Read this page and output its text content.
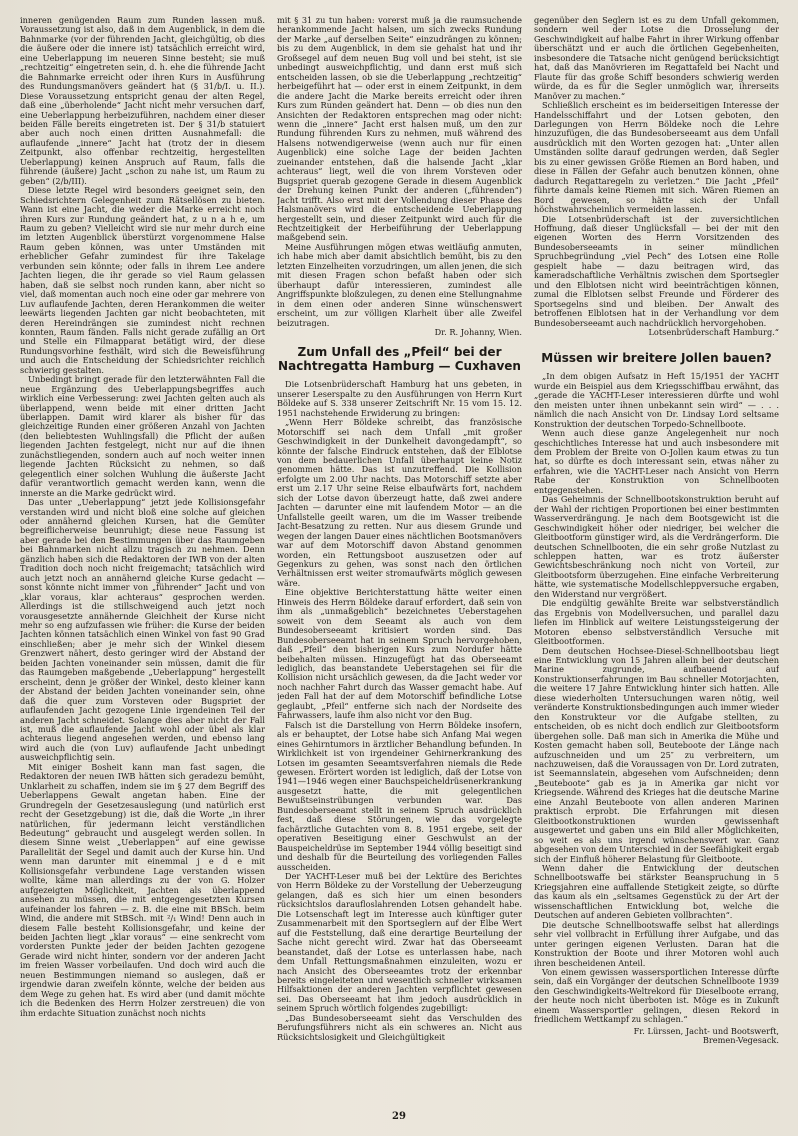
inneren genügenden Raum zum Runden lassen muß. Voraussetzung ist also, daß in dem Augenblick, in dem die Bahnmarke (vor der führenden Jacht, gleichgültig, ob dies die äußere oder die innere ist) tatsächlich erreicht wird, eine Ueberlappung im neueren Sinne besteht; sie muß „rechtzeitig“ eingetreten sein, d. h. ehe die führende Jacht die Bahnmarke erreicht oder ihren Kurs in Ausführung des Rundungsmanövers geändert hat (§ 31/b/I. u. II.). Diese Voraussetzung entspricht genau der alten Regel, daß eine „überholende“ Jacht nicht mehr versuchen darf, eine Ueberlappung herbeizuführen, nachdem einer dieser beiden Fälle bereits eingetreten ist. Der § 31/b statuiert aber auch noch einen dritten Ausnahmefall: die auflaufende „innere“ Jacht hat (trotz der in diesem Zeitpunkt, also offenbar rechtzeitig, hergestellten Ueberlappung) keinen Anspruch auf Raum, falls die führende (äußere) Jacht „schon zu nahe ist, um Raum zu geben“ (2/b/III).

Diese letzte Regel wird besonders geeignet sein, den Schiedsrichtern Gelegenheit zum Rätsellösen zu bieten. Wann ist eine Jacht, die weder die Marke erreicht noch ihren Kurs zur Rundung geändert hat, z u n a h e, um Raum zu geben? Vielleicht wird sie nur mehr durch eine im letzten Augenblick überstürzt vorgenommene Halse Raum geben können, was unter Umständen mit erheblicher Gefahr zumindest für ihre Takelage verbunden sein könnte; oder falls in ihrem Lee andere Jachten liegen, die ihr gerade so viel Raum gelassen haben, daß sie selbst noch runden kann, aber nicht so viel, daß momentan auch noch eine oder gar mehrere von Luv auflaufende Jachten, deren Herankommen die weiter leewärts liegenden Jachten gar nicht beobachteten, mit deren Hereindrängen sie zumindest nicht rechnen konnten, Raum fänden. Falls nicht gerade zufällig an Ort und Stelle ein Filmapparat betätigt wird, der diese Rundungsvorhine festhält, wird sich die Beweisführung und auch die Entscheidung der Schiedsrichter reichlich schwierig gestalten.

Unbedingt bringt gerade für den letzterwähnten Fall die neue Ergänzung des Ueberlappungsbegriffes auch wirklich eine Verbesserung: zwei Jachten gelten auch als überlappend, wenn beide mit einer dritten Jacht überlappen. Damit wird klarer als bisher für das gleichzeitige Runden einer größeren Anzahl von Jachten (den beliebtesten Wuhlingsfall) die Pflicht der außen liegenden Jachten festgelegt, nicht nur auf die ihnen zunächstliegenden, sondern auch auf noch weiter innen liegende Jachten Rücksicht zu nehmen, so daß gelegentlich einer solchen Wuhlung die äußerste Jacht dafür verantwortlich gemacht werden kann, wenn die innerste an die Marke gedrückt wird.

Das unter „Ueberlappung“ jetzt jede Kollisionsgefahr verstanden wird und nicht bloß eine solche auf gleichen oder annähernd gleichen Kursen, hat die Gemüter begreiflicherweise beunruhigt; diese neue Fassung ist aber gerade bei den Bestimmungen über das Raumgeben bei Bahnmarken nicht allzu tragisch zu nehmen. Denn gänzlich haben sich die Redaktoren der IWB von der alten Tradition doch noch nicht freigemacht; tatsächlich wird auch jetzt noch an annähernd gleiche Kurse gedacht — sonst könnte nicht immer von „führender“ Jacht und von „klar voraus, klar achteraus“ gesprochen werden. Allerdings ist die stillschweigend auch jetzt noch vorausgesetzte annähernde Gleichheit der Kurse nicht mehr so eng aufzufassen wie früher: die Kurse der beiden Jachten können tatsächlich einen Winkel von fast 90 Grad einschließen; aber je mehr sich der Winkel diesem Grenzwert nähert, desto geringer wird der Abstand der beiden Jachten voneinander sein müssen, damit die für das Raumgeben maßgebende „Ueberlappung“ hergestellt erscheint, denn je größer der Winkel, desto kleiner kann der Abstand der beiden Jachten voneinander sein, ohne daß die quer zum Vorsteven oder Bugspriet der auflaufenden Jacht gezogene Linie irgendeinen Teil der anderen Jacht schneidet. Solange dies aber nicht der Fall ist, muß die auflaufende Jacht wohl oder übel als klar achteraus liegend angesehen werden, und ebenso lang wird auch die (von Luv) auflaufende Jacht unbedingt ausweichpflichtig sein.

Mit einiger Bosheit kann man fast sagen, die Redaktoren der neuen IWB hätten sich geradezu bemüht, Unklarheit zu schaffen, indem sie im § 27 dem Begriff des Ueberlappens Gewalt angetan haben. Eine der Grundregeln der Gesetzesauslegung (und natürlich erst recht der Gesetzgebung) ist die, daß die Worte „in ihrer natürlichen, für jedermann leicht verständlichen Bedeutung“ gebraucht und ausgelegt werden sollen. In diesem Sinne weist „Ueberlappen“ auf eine gewisse Parallelität der Segel und damit auch der Kurse hin. Und wenn man darunter mit einemmal j e d e mit Kollisionsgefahr verbundene Lage verstanden wissen wollte, käme man allerdings zu der von G. Holzer aufgezeigten Möglichkeit, Jachten als überlappend ansehen zu müssen, die mit entgegengesetzten Kursen aufeinander los fahren — z. B. die eine mit BBSch. beim Wind, die andere mit StBSch. mit ²/₁ Wind! Denn auch in diesem Falle besteht Kollisionsgefahr, und keine der beiden Jachten liegt „klar voraus“ — eine senkrecht vom vordersten Punkte jeder der beiden Jachten gezogene Gerade wird nicht hinter, sondern vor der anderen Jacht im freien Wasser vorbeilaufen. Und doch wird auch die neuen Bestimmungen niemand so auslegen, daß er irgendwie daran zweifeln könnte, welche der beiden aus dem Wege zu gehen hat. Es wird aber (und damit möchte ich die Bedenken des Herrn Holzer zerstreuen) die von ihm erdachte Situation zunächst noch nichts

mit § 31 zu tun haben: vorerst muß ja die raumsuchende herankommende Jacht halsen, um sich zwecks Rundung der Marke „auf derselben Seite“ einzudrängen zu können; bis zu dem Augenblick, in dem sie gehalst hat und ihr Großsegel auf dem neuen Bug voll und bei steht, ist sie unbedingt ausweichpflichtig, und dann erst muß sich entscheiden lassen, ob sie die Ueberlappung „rechtzeitig“ herbeigeführt hat — oder erst in einem Zeitpunkt, in dem die andere Jacht die Marke bereits erreicht oder ihren Kurs zum Runden geändert hat. Denn — ob dies nun den Ansichten der Redaktoren entsprechen mag oder nicht: wenn die „innere“ Jacht erst halsen muß, um den zur Rundung führenden Kurs zu nehmen, muß während des Halsens notwendigerweise (wenn auch nur für einen Augenblick) eine solche Lage der beiden Jachten zueinander entstehen, daß die halsende Jacht „klar achteraus“ liegt, weil die von ihrem Vorsteven oder Bugspriet querab gezogene Gerade in diesem Augenblick der Drehung keinen Punkt der anderen („führenden“) Jacht trifft. Also erst mit der Vollendung dieser Phase des Halsmanövers wird die entscheidende Ueberlappung hergestellt sein, und dieser Zeitpunkt wird auch für die Rechtzeitigkeit der Herbeiführung der Ueberlappung maßgebend sein.

Meine Ausführungen mögen etwas weitläufig anmuten, ich habe mich aber damit absichtlich bemüht, bis zu den letzten Einzelheiten vorzudringen, um allen jenen, die sich mit diesen Fragen schon befaßt haben oder sich überhaupt dafür interessieren, zumindest alle Angriffspunkte bloßzulegen, zu denen eine Stellungnahme in dem einen oder anderen Sinne wünschenswert erscheint, um zur völligen Klarheit über alle Zweifel beizutragen.

Dr. R. Johanny, Wien.

Zum Unfall des „Pfeil“ bei der Nachtregatta Hamburg — Cuxhaven

Die Lotsenbrüderschaft Hamburg hat uns gebeten, in unserer Leserspalte zu den Ausführungen von Herrn Kurt Böldeke auf S. 338 unserer Zeitschrift Nr. 15 vom 15. 12. 1951 nachstehende Erwiderung zu bringen:

„Wenn Herr Böldeke schreibt, das französische Motorschiff sei nach dem Unfall „mit großer Geschwindigkeit in der Dunkelheit davongedampft“, so könnte der falsche Eindruck entstehen, daß der Elblotse von dem bedauerlichen Unfall überhaupt keine Notiz genommen hätte. Das ist unzutreffend. Die Kollision erfolgte um 2.00 Uhr nachts. Das Motorschiff setzte aber erst um 2.17 Uhr seine Reise elbaufwärts fort, nachdem sich der Lotse davon überzeugt hatte, daß zwei andere Jachten — darunter eine mit laufendem Motor — an die Unfallstelle geeilt waren, um die im Wasser treibende Jacht-Besatzung zu retten. Nur aus diesem Grunde und wegen der langen Dauer eines nächtlichen Bootsmanövers war auf dem Motorschiff davon Abstand genommen worden, ein Rettungsboot auszusetzen oder auf Gegenkurs zu gehen, was sonst nach den örtlichen Verhältnissen erst weiter stromaufwärts möglich gewesen wäre.

Eine objektive Berichterstattung hätte weiter einen Hinweis des Herrn Böldeke darauf erfordert, daß sein von ihm als „unmaßgeblich“ bezeichnetes Ueberstagehen soweit von dem Seeamt als auch von dem Bundesoberseeamt kritisiert worden sind. Das Bundesoberseeamt hat in seinem Spruch hervorgehoben, daß „Pfeil“ den bisherigen Kurs zum Nordufer hätte beibehalten müssen. Hinzugefügt hat das Oberseeamt lediglich, das beanstandete Ueberstagehen sei für die Kollision nicht ursächlich gewesen, da die Jacht weder vor noch nachher Fahrt durch das Wasser gemacht habe. Auf jeden Fall hat der auf dem Motorschiff befindliche Lotse geglaubt, „Pfeil“ entferne sich nach der Nordseite des Fahrwassers, laufe ihm also nicht vor den Bug.

Falsch ist die Darstellung von Herrn Böldeke insofern, als er behauptet, der Lotse habe sich Anfang Mai wegen eines Gehirntumors in ärztlicher Behandlung befunden. In Wirklichkeit ist von irgendeiner Gehirnerkrankung des Lotsen im gesamten Seeamtsverfahren niemals die Rede gewesen. Erörtert worden ist lediglich, daß der Lotse von 1941—1946 wegen einer Bauchspeicheldrüsenerkrankung ausgesetzt hatte, die mit gelegentlichen Bewußtseinstrübungen verbunden war. Das Bundesoberseeamt stellt in seinem Spruch ausdrücklich fest, daß diese Störungen, wie das vorgelegte fachärztliche Gutachten vom 8. 8. 1951 ergebe, seit der operativen Beseitigung einer Geschwulst an der Bauspeicheldrüse im September 1944 völlig beseitigt sind und deshalb für die Beurteilung des vorliegenden Falles ausscheiden.

Der YACHT-Leser muß bei der Lektüre des Berichtes von Herrn Böldeke zu der Vorstellung der Ueberzeugung gelangen, daß es sich hier um einen besonders rücksichtslos daraufloslahrenden Lotsen gehandelt habe. Die Lotsenschaft legt im Interesse auch künftiger guter Zusammenarbeit mit den Sportseglern auf der Elbe Wert auf die Feststellung, daß eine derartige Beurteilung der Sache nicht gerecht wird. Zwar hat das Oberseeamt beanstandet, daß der Lotse es unterlassen habe, nach dem Unfall Rettungsmaßnahmen einzuleiten, wozu er nach Ansicht des Oberseeamtes trotz der erkennbar bereits eingeleiteten und wesentlich schneller wirksamen Hilfsaktionen der anderen Jachten verpflichtet gewesen sei. Das Oberseeamt hat ihm jedoch ausdrücklich in seinem Spruch wörtlich folgendes zugebilligt:

„Das Bundesoberseeamt sieht das Verschulden des Berufungsführers nicht als ein schweres an. Nicht aus Rücksichtslosigkeit und Gleichgültigkeit

gegenüber den Seglern ist es zu dem Unfall gekommen, sondern weil der Lotse die Drosselung der Geschwindigkeit auf halbe Fahrt in ihrer Wirkung offenbar überschätzt und er auch die örtlichen Gegebenheiten, insbesondere die Tatsache nicht genügend berücksichtigt hat, daß das Manövrieren im Regattafeld bei Nacht und Flaute für das große Schiff besonders schwierig werden würde, da es für die Segler unmöglich war, ihrerseits Manöver zu machen.“

Schließlich erscheint es im beiderseitigen Interesse der Handelsschiffahrt und der Lotsen geboten, den Darlegungen von Herrn Böldeke noch die Lehre hinzuzufügen, die das Bundesoberseeamt aus dem Unfall ausdrücklich mit den Worten gezogen hat: „Unter allen Umständen sollte darauf gedrungen werden, daß Segler bis zu einer gewissen Größe Riemen an Bord haben, und diese in Fällen der Gefahr auch benutzen können, ohne dadurch Regattaregeln zu verletzen.“ Die Jacht „Pfeil“ führte damals keine Riemen mit sich. Wären Riemen an Bord gewesen, so hätte sich der Unfall höchstwahrscheinlich vermeiden lassen.

Die Lotsenbrüderschaft ist der zuversichtlichen Hoffnung, daß dieser Unglücksfall — bei der mit den eigenen Worten des Herrn Vorsitzenden des Bundesoberseeamts in seiner mündlichen Spruchbegründung „viel Pech“ des Lotsen eine Rolle gespielt habe — dazu beitragen wird, das kameradschaftliche Verhältnis zwischen dem Sportsegler und den Elblotsen nicht wird beeinträchtigen können, zumal die Elblotsen selbst Freunde und Förderer des Sportsegelns sind und bleiben. Der Anwalt des betroffenen Elblotsen hat in der Verhandlung vor dem Bundesoberseeamt auch nachdrücklich hervorgehoben.

Lotsenbrüderschaft Hamburg.“

Müssen wir breitere Jollen bauen?

„In dem obigen Aufsatz in Heft 15/1951 der YACHT wurde ein Beispiel aus dem Kriegsschiffbau erwähnt, das „gerade die YACHT-Leser interessieren dürfte und wohl den meisten unter ihnen unbekannt sein wird“ — . . . nämlich die nach Ansicht von Dr. Lindsay Lord seltsame Konstruktion der deutschen Torpedo-Schnellboote.

Wenn auch diese ganze Angelegenheit nur noch geschichtliches Interesse hat und auch insbesondere mit dem Problem der Breite von O-Jollen kaum etwas zu tun hat, so dürfte es doch interessant sein, etwas näher zu erfahren, wie die YACHT-Leser nach Ansicht von Herrn Rabe der Konstruktion von Schnellbooten entgegenstehen.

Das Geheimnis der Schnellbootskonstruktion beruht auf der Wahl der richtigen Proportionen bei einer bestimmten Wasserverdrängung. Je nach dem Bootsgewicht ist die Geschwindigkeit höher oder niedriger, bei welcher die Gleitbootform günstiger wird, als die Verdrängerform. Die deutschen Schnellbooten, die ein sehr große Nutzlast zu schleppen hatten, war es trotz äußerster Gewichtsbeschränkung noch nicht von Vorteil, zur Gleitbootsform überzugehen. Eine einfache Verbreiterung hätte, wie systematische Modellschleppversuche ergaben, den Widerstand nur vergrößert.

Die endgültig gewählte Breite war selbstverständlich das Ergebnis von Modellversuchen, und parallel dazu liefen im Hinblick auf weitere Leistungssteigerung der Motoren ebenso selbstverständlich Versuche mit Gleitbootformen.

Dem deutschen Hochsee-Diesel-Schnellbootsbau liegt eine Entwicklung von 15 Jahren allein bei der deutschen Marine zugrunde, aufbauend auf Konstruktionserfahrungen im Bau schneller Motorjachten, die weitere 17 Jahre Entwicklung hinter sich hatten. Alle diese wiederholten Untersuchungen waren nötig, weil veränderte Konstruktionsbedingungen auch immer wieder den Konstrukteur vor die Aufgabe stellten, zu entscheiden, ob es nicht doch endlich zur Gleitbootsform übergehen solle. Daß man sich in Amerika die Mühe und Kosten gemacht haben soll, Beuteboote der Länge nach aufzuschneiden und um 25″ zu verbreitern, um nachzuweisen, daß die Voraussagen von Dr. Lord zutraten, ist Seemannslatein, abgesehen vom Aufschneiden; denn „Beuteboote“ gab es ja in Amerika gar nicht vor Kriegsende. Während des Krieges hat die deutsche Marine eine Anzahl Beuteboote von allen anderen Marinen praktisch erprobt. Die Erfahrungen mit diesen Gleitbootkonstruktionen wurden gewissenhaft ausgewertet und gaben uns ein Bild aller Möglichkeiten, so weit es als uns irgend wünschenswert war. Ganz abgesehen von dem Unterschied in der Seefähigkeit ergab sich der Einfluß höherer Belastung für Gleitboote.

Wenn daher die Entwicklung der deutschen Schnellbootswaffe bei stärkster Beanspruchung in 5 Kriegsjahren eine auffallende Stetigkeit zeigte, so dürfte das kaum als ein „seltsames Gegenstück zu der Art der wissenschaftlichen Entwicklung bot, welche die Deutschen auf anderen Gebieten vollbrachten“.

Die deutsche Schnellbootswaffe selbst hat allerdings sehr viel vollbracht in Erfüllung ihrer Aufgabe, und das unter geringen eigenen Verlusten. Daran hat die Konstruktion der Boote und ihrer Motoren wohl auch ihren bescheidenen Anteil.

Von einem gewissen wassersportlichen Interesse dürfte sein, daß ein Vorgänger der deutschen Schnellboote 1939 den Geschwindigkeits-Weltrekord für Dieselboote errang, der heute noch nicht überboten ist. Möge es in Zukunft einem Wassersportler gelingen, diesen Rekord in friedlichem Wettkampf zu schlagen.“

Fr. Lürssen, Jacht- und Bootswerft,
Bremen-Vegesack.
29
